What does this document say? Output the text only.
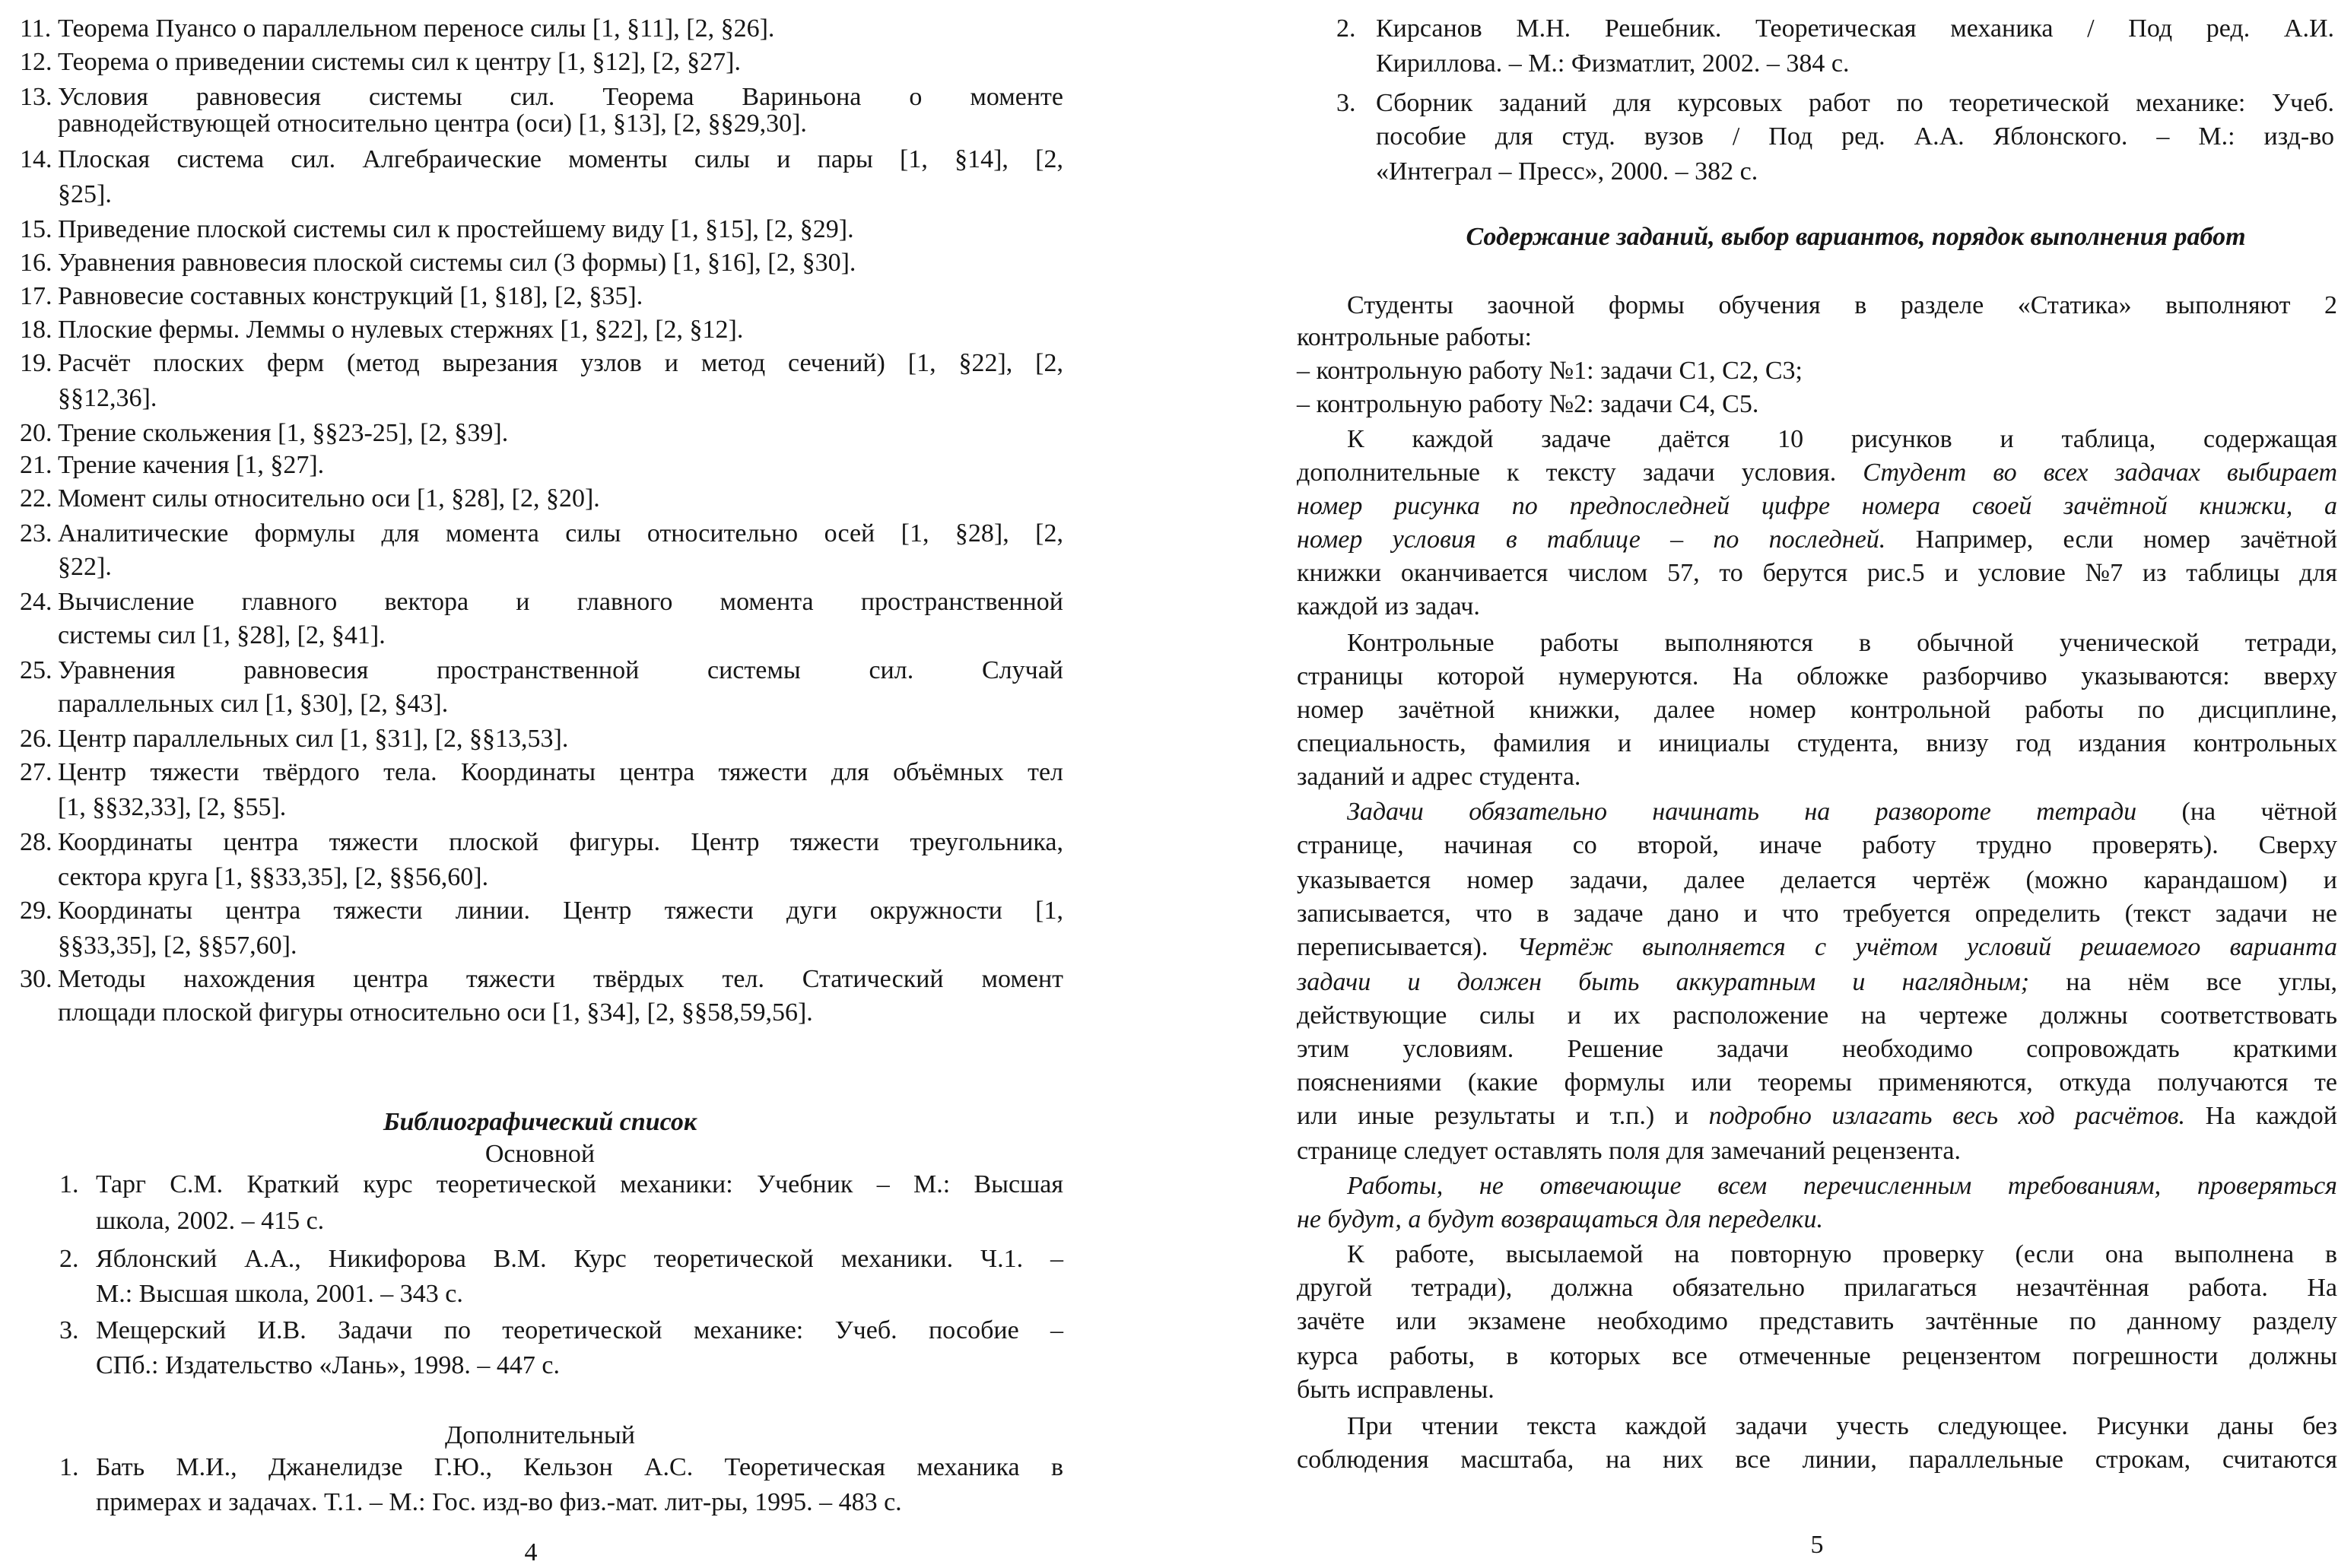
11. Теорема Пуансо о параллельном переносе силы [1, §11], [2, §26].
12. Теорема о приведении системы сил к центру [1, §12], [2, §27].
13. Условия равновесия системы сил. Теорема Вариньона о моменте
равнодействующей относительно центра (оси) [1, §13], [2, §§29,30].
14. Плоская система сил. Алгебраические моменты силы и пары [1, §14], [2,
§25].
15. Приведение плоской системы сил к простейшему виду [1, §15], [2, §29].
16. Уравнения равновесия плоской системы сил (3 формы) [1, §16], [2, §30].
17. Равновесие составных конструкций [1, §18], [2, §35].
18. Плоские фермы. Леммы о нулевых стержнях [1, §22], [2, §12].
19. Расчёт плоских ферм (метод вырезания узлов и метод сечений) [1, §22], [2,
§§12,36].
20. Трение скольжения [1, §§23-25], [2, §39].
21. Трение качения [1, §27].
22. Момент силы относительно оси [1, §28], [2, §20].
23. Аналитические формулы для момента силы относительно осей [1, §28], [2,
§22].
24. Вычисление главного вектора и главного момента пространственной
системы сил [1, §28], [2, §41].
25. Уравнения равновесия пространственной системы сил. Случай
параллельных сил [1, §30], [2, §43].
26. Центр параллельных сил [1, §31], [2, §§13,53].
27. Центр тяжести твёрдого тела. Координаты центра тяжести для объёмных тел
[1, §§32,33], [2, §55].
28. Координаты центра тяжести плоской фигуры. Центр тяжести треугольника,
сектора круга [1, §§33,35], [2, §§56,60].
29. Координаты центра тяжести линии. Центр тяжести дуги окружности [1,
§§33,35], [2, §§57,60].
30. Методы нахождения центра тяжести твёрдых тел. Статический момент
площади плоской фигуры относительно оси [1, §34], [2, §§58,59,56].
Библиографический список
Основной
1. Тарг С.М. Краткий курс теоретической механики: Учебник – М.: Высшая
школа, 2002. – 415 с.
2. Яблонский А.А., Никифорова В.М. Курс теоретической механики. Ч.1. –
М.: Высшая школа, 2001. – 343 с.
3. Мещерский И.В. Задачи по теоретической механике: Учеб. пособие –
СПб.: Издательство «Лань», 1998. – 447 с.
Дополнительный
1. Бать М.И., Джанелидзе Г.Ю., Кельзон А.С. Теоретическая механика в
примерах и задачах. Т.1. – М.: Гос. изд-во физ.-мат. лит-ры, 1995. – 483 с.
4
2. Кирсанов М.Н. Решебник. Теоретическая механика / Под ред. А.И.
Кириллова. – М.: Физматлит, 2002. – 384 с.
3. Сборник заданий для курсовых работ по теоретической механике: Учеб.
пособие для студ. вузов / Под ред. А.А. Яблонского. – М.: изд-во
«Интеграл – Пресс», 2000. – 382 с.
Содержание заданий, выбор вариантов, порядок выполнения работ
Студенты заочной формы обучения в разделе «Статика» выполняют 2
контрольные работы:
– контрольную работу №1: задачи С1, С2, С3;
– контрольную работу №2: задачи С4, С5.
К каждой задаче даётся 10 рисунков и таблица, содержащая
дополнительные к тексту задачи условия. Студент во всех задачах выбирает
номер рисунка по предпоследней цифре номера своей зачётной книжки, а
номер условия в таблице – по последней. Например, если номер зачётной
книжки оканчивается числом 57, то берутся рис.5 и условие №7 из таблицы для
каждой из задач.
Контрольные работы выполняются в обычной ученической тетради,
страницы которой нумеруются. На обложке разборчиво указываются: вверху
номер зачётной книжки, далее номер контрольной работы по дисциплине,
специальность, фамилия и инициалы студента, внизу год издания контрольных
заданий и адрес студента.
Задачи обязательно начинать на развороте тетради (на чётной
странице, начиная со второй, иначе работу трудно проверять). Сверху
указывается номер задачи, далее делается чертёж (можно карандашом) и
записывается, что в задаче дано и что требуется определить (текст задачи не
переписывается). Чертёж выполняется с учётом условий решаемого варианта
задачи и должен быть аккуратным и наглядным; на нём все углы,
действующие силы и их расположение на чертеже должны соответствовать
этим условиям. Решение задачи необходимо сопровождать краткими
пояснениями (какие формулы или теоремы применяются, откуда получаются те
или иные результаты и т.п.) и подробно излагать весь ход расчётов. На каждой
странице следует оставлять поля для замечаний рецензента.
Работы, не отвечающие всем перечисленным требованиям, проверяться
не будут, а будут возвращаться для переделки.
К работе, высылаемой на повторную проверку (если она выполнена в
другой тетради), должна обязательно прилагаться незачтённая работа. На
зачёте или экзамене необходимо представить зачтённые по данному разделу
курса работы, в которых все отмеченные рецензентом погрешности должны
быть исправлены.
При чтении текста каждой задачи учесть следующее. Рисунки даны без
соблюдения масштаба, на них все линии, параллельные строкам, считаются
5
